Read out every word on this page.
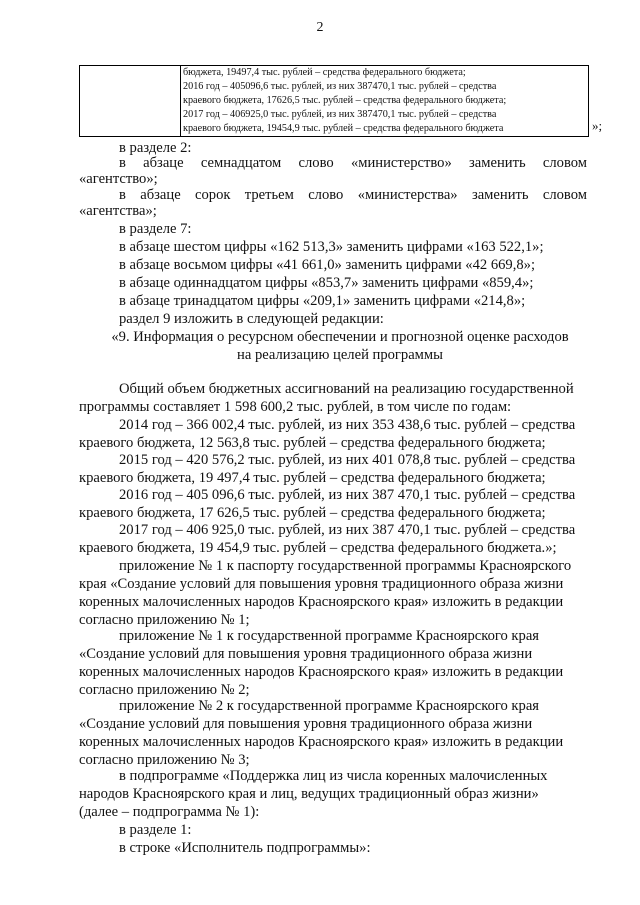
2

бюджета, 19497,4 тыс. рублей – средства федерального бюджета;
2016 год – 405096,6 тыс. рублей, из них 387470,1 тыс. рублей – средства
краевого бюджета, 17626,5 тыс. рублей – средства федерального бюджета;
2017 год – 406925,0 тыс. рублей, из них 387470,1 тыс. рублей – средства
краевого бюджета, 19454,9 тыс. рублей – средства федерального бюджета	»;
в разделе 2:
в абзаце семнадцатом слово «министерство» заменить словом
«агентство»;
в абзаце сорок третьем слово «министерства» заменить словом
«агентства»;
в разделе 7:
в абзаце шестом цифры «162 513,3» заменить цифрами «163 522,1»;
в абзаце восьмом цифры «41 661,0» заменить цифрами «42 669,8»;
в абзаце одиннадцатом цифры «853,7» заменить цифрами «859,4»;
в абзаце тринадцатом цифры «209,1» заменить цифрами «214,8»;
раздел 9 изложить в следующей редакции:
«9. Информация о ресурсном обеспечении и прогнозной оценке расходов
на реализацию целей программы
Общий объем бюджетных ассигнований на реализацию государственной
программы составляет 1 598 600,2 тыс. рублей, в том числе по годам:
2014 год – 366 002,4 тыс. рублей, из них 353 438,6 тыс. рублей – средства
краевого бюджета, 12 563,8 тыс. рублей – средства федерального бюджета;
2015 год – 420 576,2 тыс. рублей, из них 401 078,8 тыс. рублей – средства
краевого бюджета, 19 497,4 тыс. рублей – средства федерального бюджета;
2016 год – 405 096,6 тыс. рублей, из них 387 470,1 тыс. рублей – средства
краевого бюджета, 17 626,5 тыс. рублей – средства федерального бюджета;
2017 год – 406 925,0 тыс. рублей, из них 387 470,1 тыс. рублей – средства
краевого бюджета, 19 454,9 тыс. рублей – средства федерального бюджета.»;
приложение № 1 к паспорту государственной программы Красноярского
края «Создание условий для повышения уровня традиционного образа жизни
коренных малочисленных народов Красноярского края» изложить в редакции
согласно приложению № 1;
приложение № 1 к государственной программе Красноярского края
«Создание условий для повышения уровня традиционного образа жизни
коренных малочисленных народов Красноярского края» изложить в редакции
согласно приложению № 2;
приложение № 2 к государственной программе Красноярского края
«Создание условий для повышения уровня традиционного образа жизни
коренных малочисленных народов Красноярского края» изложить в редакции
согласно приложению № 3;
в подпрограмме «Поддержка лиц из числа коренных малочисленных
народов Красноярского края и лиц, ведущих традиционный образ жизни»
(далее – подпрограмма № 1):
в разделе 1:
в строке «Исполнитель подпрограммы»:
